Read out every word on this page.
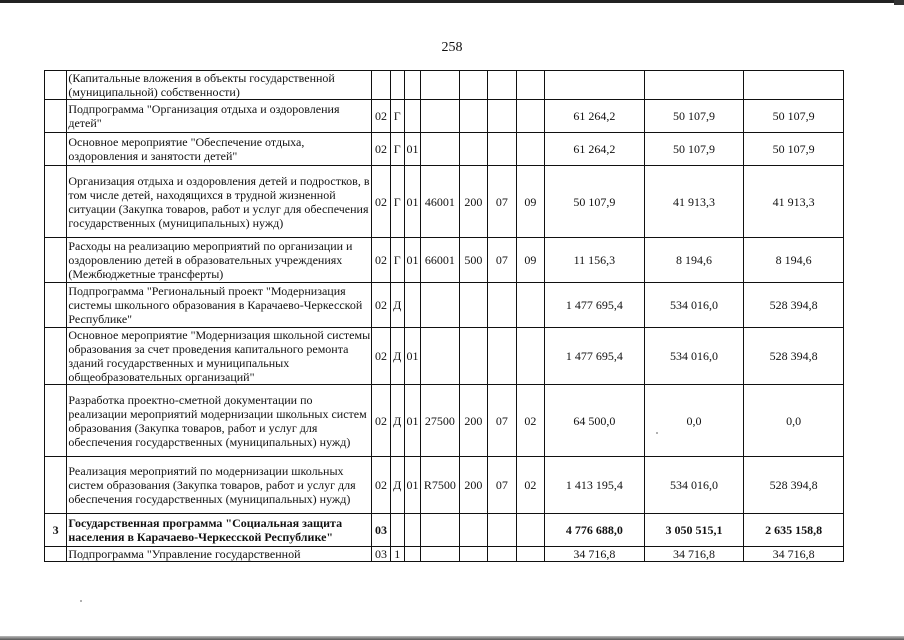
258
	(Капитальные вложения в объекты государственной (муниципальной) собственности)										
	Подпрограмма "Организация отдыха и оздоровления детей"	02	Г						61 264,2	50 107,9	50 107,9
	Основное мероприятие "Обеспечение отдыха, оздоровления и занятости детей"	02	Г	01					61 264,2	50 107,9	50 107,9
	Организация отдыха и оздоровления детей и подростков, в том числе детей, находящихся в трудной жизненной ситуации (Закупка товаров, работ и услуг для обеспечения государственных (муниципальных) нужд)	02	Г	01	46001	200	07	09	50 107,9	41 913,3	41 913,3
	Расходы на реализацию мероприятий по организации и оздоровлению детей в образовательных учреждениях (Межбюджетные трансферты)	02	Г	01	66001	500	07	09	11 156,3	8 194,6	8 194,6
	Подпрограмма "Региональный проект "Модернизация системы школьного образования в Карачаево-Черкесской Республике"	02	Д						1 477 695,4	534 016,0	528 394,8
	Основное мероприятие "Модернизация школьной системы образования за счет проведения капитального ремонта зданий государственных и муниципальных общеобразовательных организаций"	02	Д	01					1 477 695,4	534 016,0	528 394,8
	Разработка проектно-сметной документации по реализации мероприятий модернизации школьных систем образования (Закупка товаров, работ и услуг для обеспечения государственных (муниципальных) нужд)	02	Д	01	27500	200	07	02	64 500,0	0,0	0,0
	Реализация мероприятий по модернизации школьных систем образования (Закупка товаров, работ и услуг для обеспечения государственных (муниципальных) нужд)	02	Д	01	R7500	200	07	02	1 413 195,4	534 016,0	528 394,8
3	Государственная программа "Социальная защита населения в Карачаево-Черкесской Республике"	03							4 776 688,0	3 050 515,1	2 635 158,8
	Подпрограмма "Управление государственной	03	1						34 716,8	34 716,8	34 716,8
